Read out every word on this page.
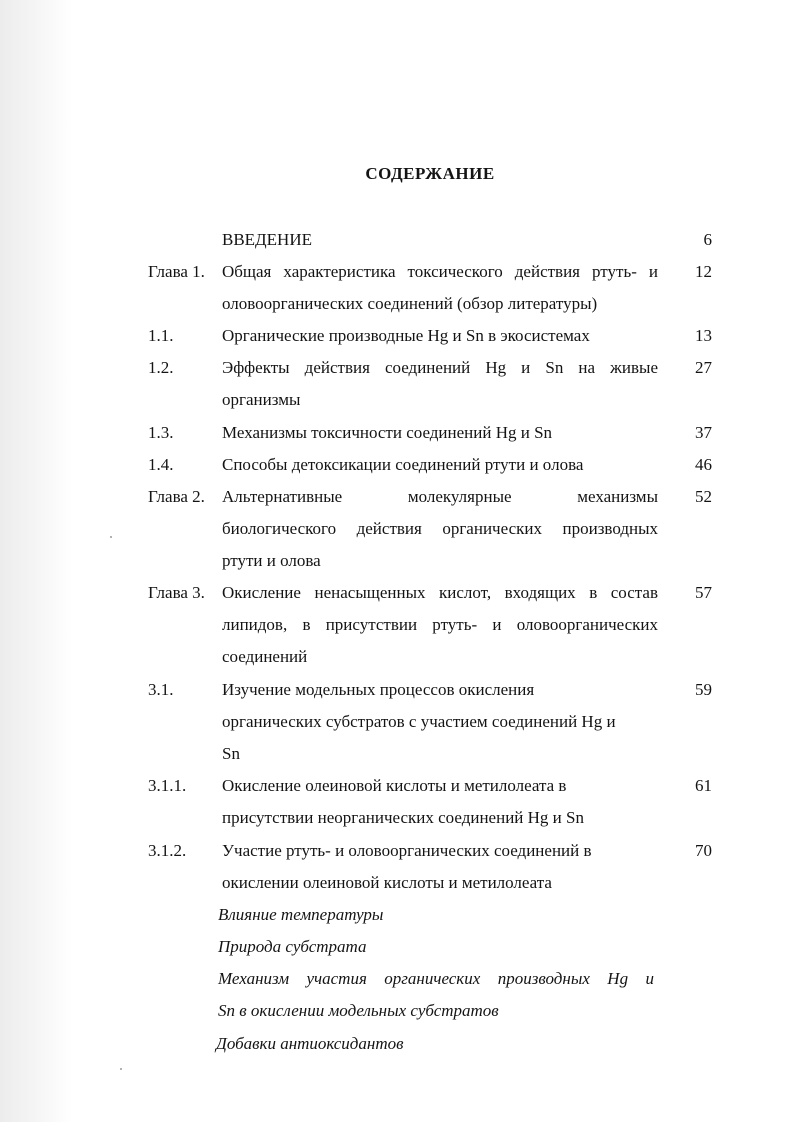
СОДЕРЖАНИЕ
ВВЕДЕНИЕ	6
Глава 1. Общая характеристика токсического действия ртуть- и	12
оловоорганических соединений (обзор литературы)
1.1.	Органические производные Hg и Sn в экосистемах	13
1.2.	Эффекты действия соединений Hg и Sn на живые	27
организмы
1.3.	Механизмы токсичности соединений Hg и Sn	37
1.4.	Способы детоксикации соединений ртути и олова	46
Глава 2. Альтернативные молекулярные механизмы	52
биологического действия органических производных
ртути и олова
Глава 3. Окисление ненасыщенных кислот, входящих в состав	57
липидов, в присутствии ртуть- и оловоорганических
соединений
3.1.	Изучение модельных процессов окисления	59
органических субстратов с участием соединений Hg и
Sn
3.1.1. Окисление олеиновой кислоты и метилолеата в	61
присутствии неорганических соединений Hg и Sn
3.1.2. Участие ртуть- и оловоорганических соединений в	70
окислении олеиновой кислоты и метилолеата
Влияние температуры
Природа субстрата
Механизм участия органических производных Hg и
Sn в окислении модельных субстратов
Добавки антиоксидантов
